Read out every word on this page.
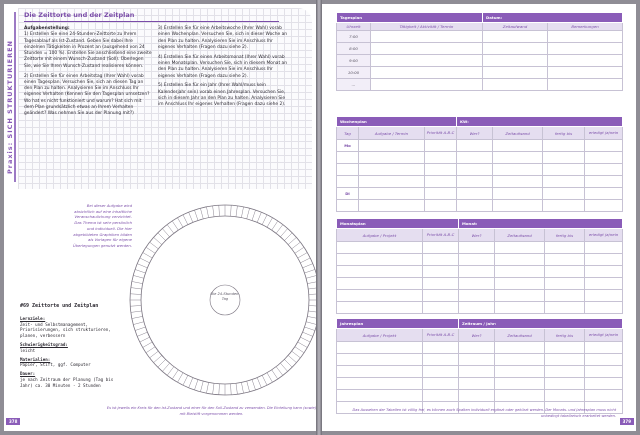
Praxis: SICH STRUKTURIEREN
Die Zeittorte und der Zeitplan

Aufgabenstellung:
1) Erstellen Sie eine 24-Stunden-Zeittorte zu Ihrem Tagesablauf als Ist-Zustand. Geben Sie dabei Ihre einzelnen Tätigkeiten in Prozent an (ausgehend von 24 Stunden = 100 %). Erstellen Sie anschließend eine zweite Zeittorte mit einem Wunsch-Zustand (Soll). Überlegen Sie, wie Sie Ihren Wunsch-Zustand realisieren können.

2) Erstellen Sie für einen Arbeitstag (Ihrer Wahl) vorab einen Tagesplan. Versuchen Sie, sich an diesen Tag an den Plan zu halten. Analysieren Sie im Anschluss Ihr eigenes Verhalten (Kennen Sie den Tagesplan umsetzen? Wo hat es nicht funktioniert und warum? Hat sich mit dem Plan grundsätzlich etwas an Ihrem Verhalten geändert? Was nehmen Sie aus der Planung mit?)

3) Erstellen Sie für eine Arbeitswoche (Ihrer Wahl) vorab einen Wochenplan. Versuchen Sie, sich in dieser Woche an den Plan zu halten. Analysieren Sie im Anschluss Ihr eigenes Verhalten (Fragen dazu siehe 2).

4) Erstellen Sie für einen Arbeitsmonat (Ihrer Wahl) vorab einen Monatsplan. Versuchen Sie, sich in diesem Monat an den Plan zu halten. Analysieren Sie im Anschluss Ihr eigenes Verhalten (Fragen dazu siehe 2).

5) Erstellen Sie für ein Jahr (Ihrer Wahl/muss kein Kalenderjahr sein) vorab einen Jahresplan. Versuchen Sie, sich in diesem Jahr an den Plan zu halten. Analysieren Sie im Anschluss Ihr eigenes Verhalten (Fragen dazu siehe 2).

Bei dieser Aufgabe wird absichtlich auf eine inhaltliche Veranschaulichung verzichtet. Das Thema ist sehr persönlich und individuell. Die hier abgebildeten Graphiken bilden als Vorlagen für eigene Überlegungen genutzt werden.
#69 Zeittorte und Zeitplan

Lernziele:
Zeit- und Selbstmanagement, Priorisierungen, sich strukturieren, planen, verbessern

Schwierigkeitsgrad:
leicht

Materialien:
Papier, Stift, ggf. Computer

Dauer:
je nach Zeitraum der Planung (Tag bis Jahr) ca. 30 Minuten - 2 Stunden

Die 24-Stunden-Tag
Es ist jeweils ein Kreis für den Ist-Zustand und einer für den Soll-Zustand zu verwenden. Die Einteilung kann (sowie) mit Bleistift vorgenommen werden.
378
Tagesplan		Datum:	
Uhrzeit	Tätigkeit / Aktivität / Termin	Zeitaufwand	Bemerkungen
7:00			
8:00			
9:00			
10:00			
...			
Wochenplan			KW:			
Tag	Aufgabe / Termin	Priorität A-B-C	Wer?	Zeitaufwand	fertig bis	erledigt ja/nein
Mo						

Di						

Monatsplan		Monat:			
Aufgabe / Projekt	Priorität A-B-C	Wer?	Zeitaufwand	fertig bis	erledigt ja/nein

Jahresplan		Zeitraum / Jahr:			
Aufgabe / Projekt	Priorität A-B-C	Wer?	Zeitaufwand	fertig bis	erledigt ja/nein

Das Aussehen der Tabellen ist völlig frei, es können auch Spalten individuell ergänzt oder gekürzt werden. Der Monats- und Jahresplan muss nicht unbedingt tabellarisch erarbeitet werden.
379
